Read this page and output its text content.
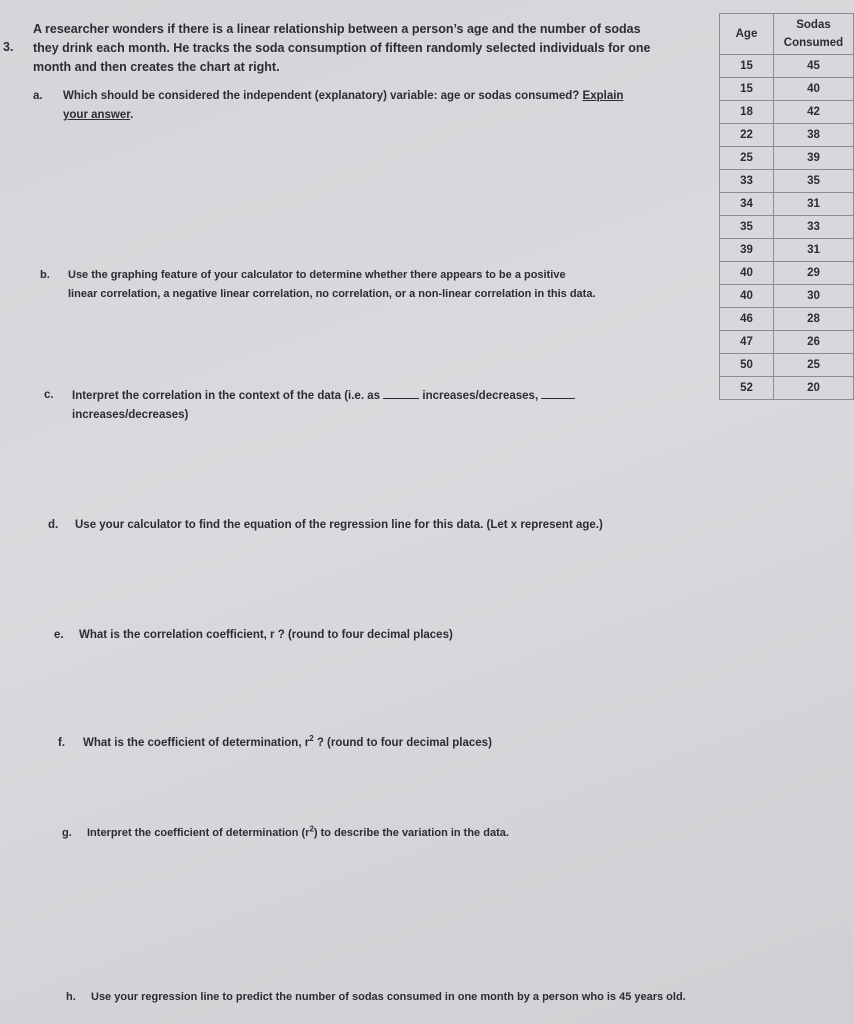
3.
A researcher wonders if there is a linear relationship between a person’s age and the number of sodas
they drink each month. He tracks the soda consumption of fifteen randomly selected individuals for one
month and then creates the chart at right.
a.	Which should be considered the independent (explanatory) variable: age or sodas consumed? Explain
your answer.
b.	Use the graphing feature of your calculator to determine whether there appears to be a positive
linear correlation, a negative linear correlation, no correlation, or a non-linear correlation in this data.
c.	Interpret the correlation in the context of the data (i.e. as	increases/decreases,
increases/decreases)
d.	Use your calculator to find the equation of the regression line for this data. (Let x represent age.)
e.	What is the correlation coefficient, r ? (round to four decimal places)
f.	What is the coefficient of determination, $r^2$ ? (round to four decimal places)
g.	Interpret the coefficient of determination $(r^2)$ to describe the variation in the data.
h.	Use your regression line to predict the number of sodas consumed in one month by a person who is 45 years old.
Age	Sodas
Consumed

15	45
15	40
18	42
22	38
25	39
33	35
34	31
35	33
39	31
40	29
40	30
46	28
47	26
50	25
52	20
